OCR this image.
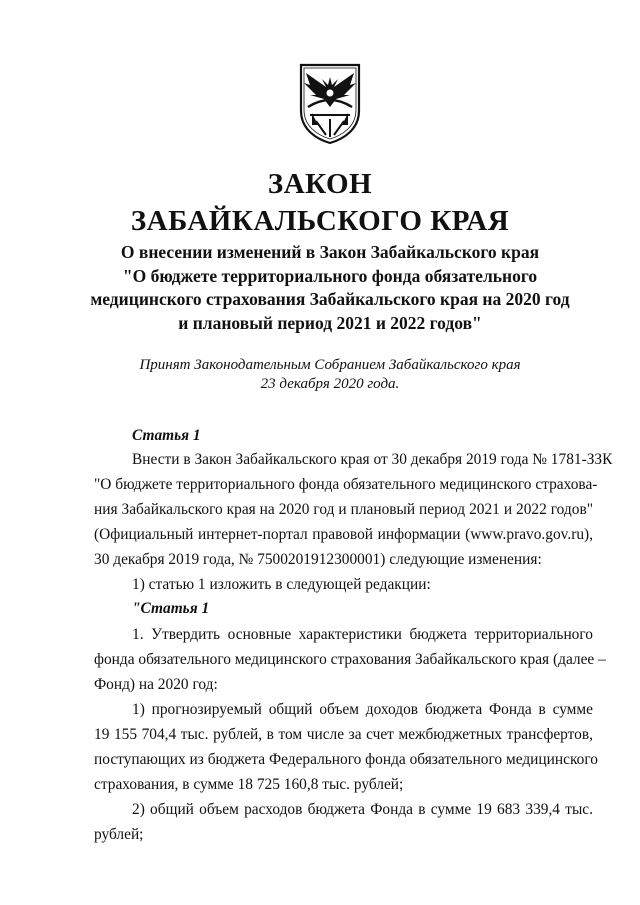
ЗАКОН
ЗАБАЙКАЛЬСКОГО КРАЯ
О внесении изменений в Закон Забайкальского края
"О бюджете территориального фонда обязательного
медицинского страхования Забайкальского края на 2020 год
и плановый период 2021 и 2022 годов"
Принят Законодательным Собранием Забайкальского края
23 декабря 2020 года.
Статья 1
Внести в Закон Забайкальского края от 30 декабря 2019 года № 1781-ЗЗК
"О бюджете территориального фонда обязательного медицинского страхова-
ния Забайкальского края на 2020 год и плановый период 2021 и 2022 годов"
(Официальный интернет-портал правовой информации (www.pravo.gov.ru),
30 декабря 2019 года, № 7500201912300001) следующие изменения:
1) статью 1 изложить в следующей редакции:
"Статья 1
1. Утвердить основные характеристики бюджета территориального
фонда обязательного медицинского страхования Забайкальского края (далее –
Фонд) на 2020 год:
1) прогнозируемый общий объем доходов бюджета Фонда в сумме
19 155 704,4 тыс. рублей, в том числе за счет межбюджетных трансфертов,
поступающих из бюджета Федерального фонда обязательного медицинского
страхования, в сумме 18 725 160,8 тыс. рублей;
2) общий объем расходов бюджета Фонда в сумме 19 683 339,4 тыс.
рублей;
